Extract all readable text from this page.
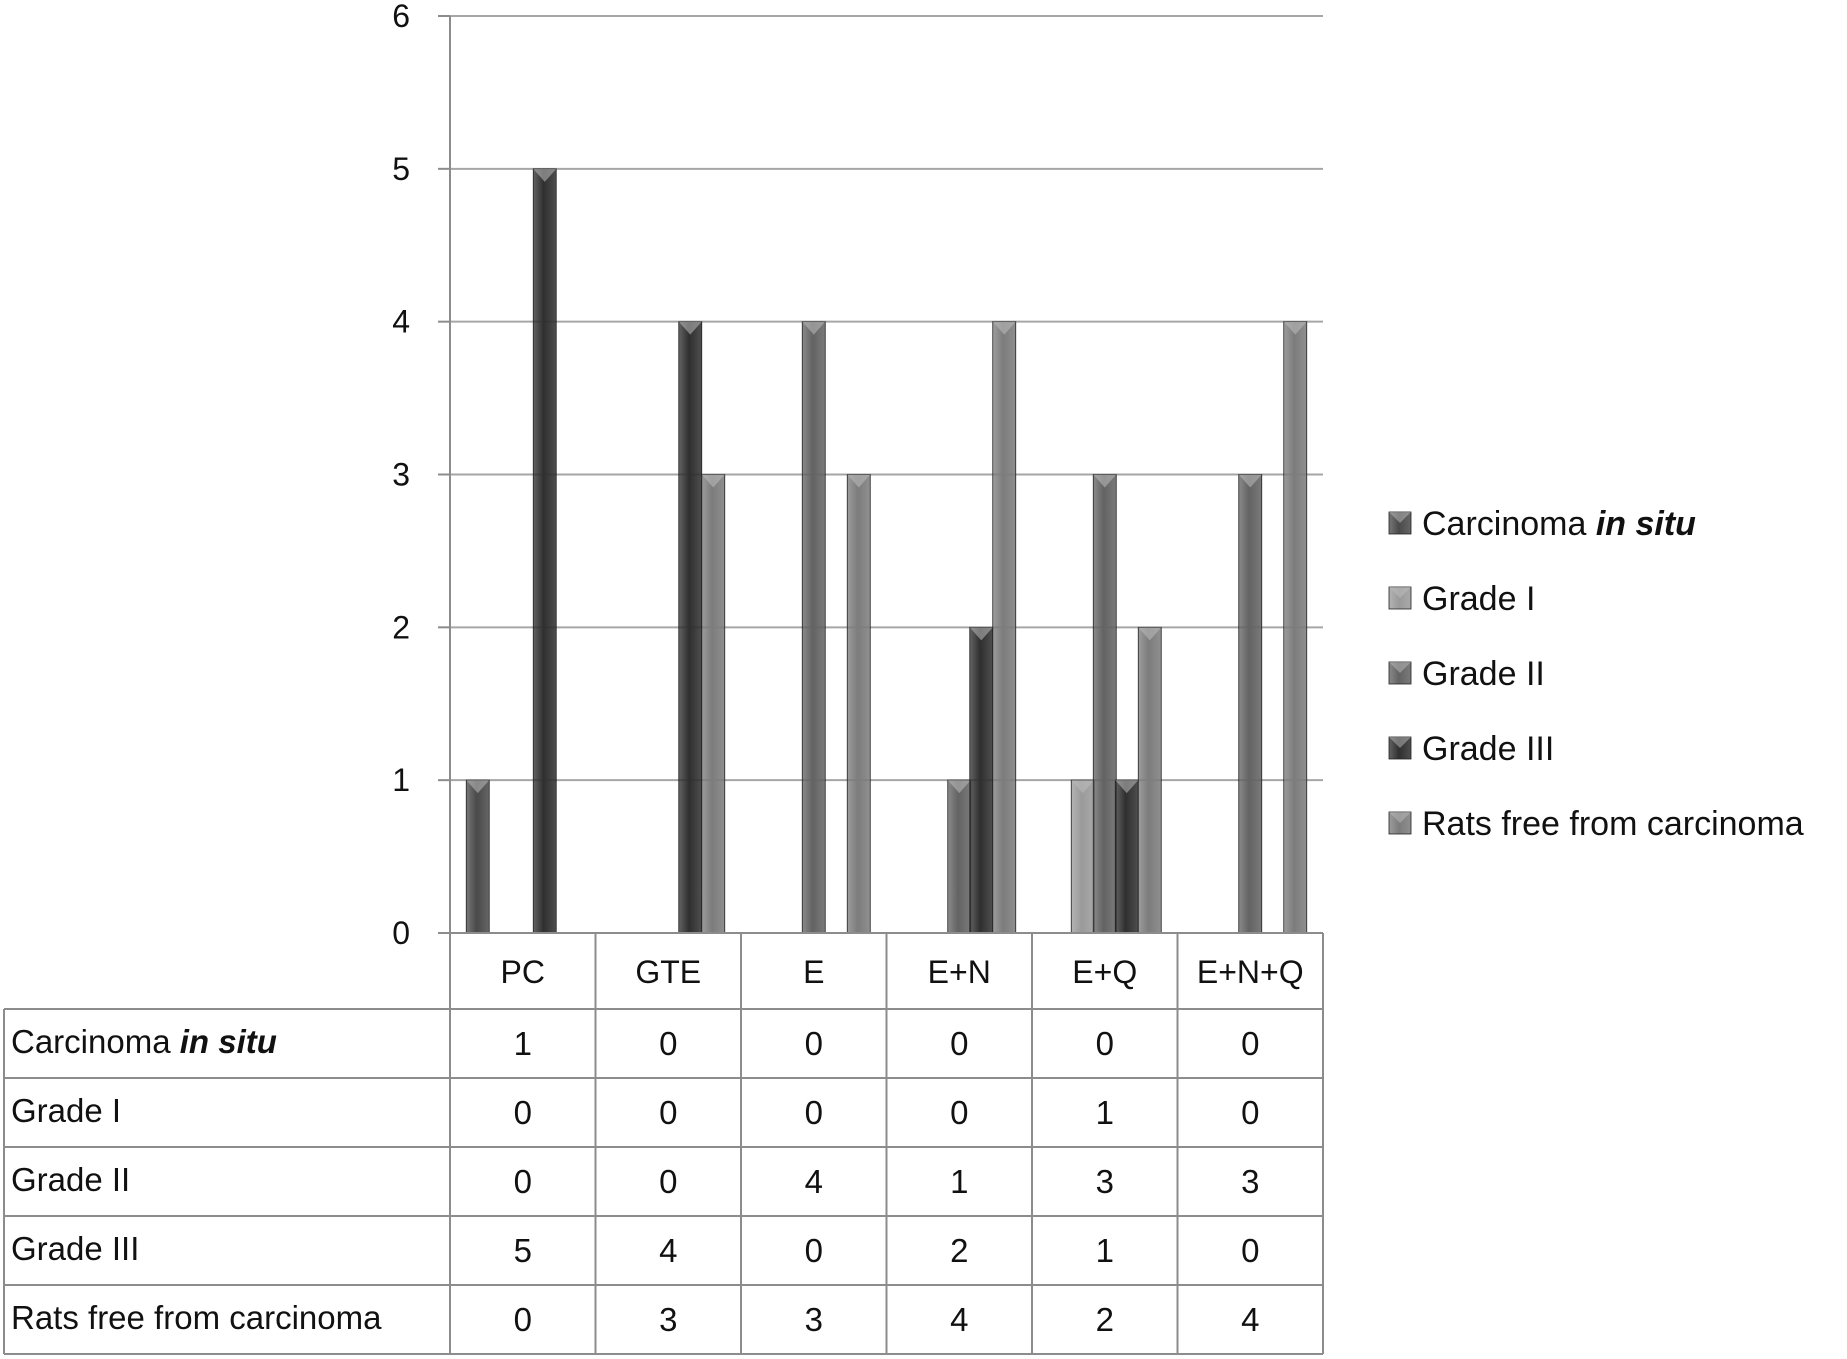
0
1
2
3
4
5
6
PC	GTE	E	E+N	E+Q E+N+Q
Carcinoma in situ	1	0	0	0	0	0
Grade I	0	0	0	0	1	0
Grade II	0	0	4	1	3	3
Grade III	5	4	0	2	1	0
Rats free from carcinoma	0	3	3	4	2	4
Carcinoma in situ
Grade I
Grade II
Grade III
Rats free from carcinoma
